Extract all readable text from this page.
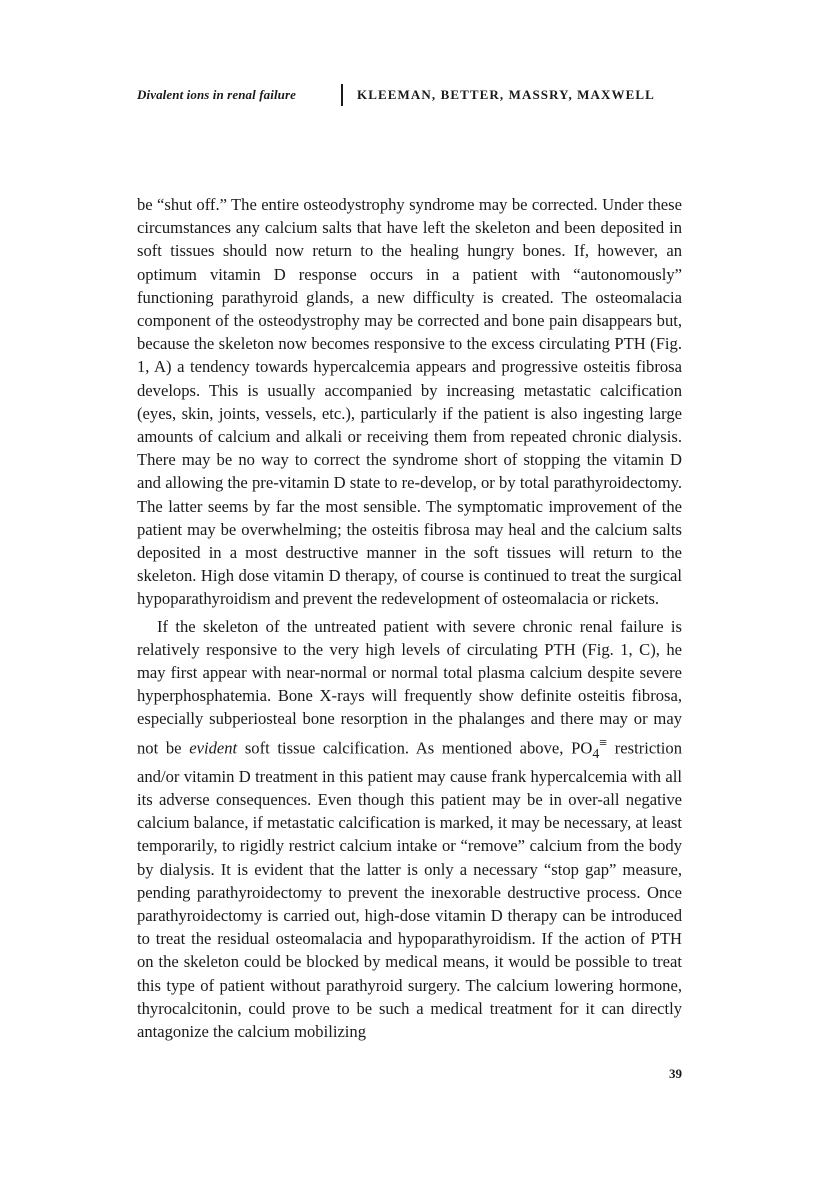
Divalent ions in renal failure	KLEEMAN, BETTER, MASSRY, MAXWELL

be “shut off.” The entire osteodystrophy syndrome may be corrected. Under these circumstances any calcium salts that have left the skeleton and been deposited in soft tissues should now return to the healing hungry bones. If, however, an optimum vitamin D response occurs in a patient with “autonomously” functioning parathyroid glands, a new difficulty is created. The osteomalacia component of the osteodystrophy may be corrected and bone pain disappears but, because the skeleton now becomes responsive to the excess circulating PTH (Fig. 1, A) a tendency towards hypercalcemia appears and progressive osteitis fibrosa develops. This is usually accompanied by increasing metastatic calcification (eyes, skin, joints, vessels, etc.), particularly if the patient is also ingesting large amounts of calcium and alkali or receiving them from repeated chronic dialysis. There may be no way to correct the syndrome short of stopping the vitamin D and allowing the pre-vitamin D state to re-develop, or by total parathyroidectomy. The latter seems by far the most sensible. The symptomatic improvement of the patient may be overwhelming; the osteitis fibrosa may heal and the calcium salts deposited in a most destructive manner in the soft tissues will return to the skeleton. High dose vitamin D therapy, of course is continued to treat the surgical hypoparathyroidism and prevent the redevelopment of osteomalacia or rickets.

If the skeleton of the untreated patient with severe chronic renal failure is relatively responsive to the very high levels of circulating PTH (Fig. 1, C), he may first appear with near-normal or normal total plasma calcium despite severe hyperphosphatemia. Bone X-rays will frequently show definite osteitis fibrosa, especially subperiosteal bone resorption in the phalanges and there may or may not be evident soft tissue calcification. As mentioned above, $PO_4^\equiv$ restriction and/or vitamin D treatment in this patient may cause frank hypercalcemia with all its adverse consequences. Even though this patient may be in over-all negative calcium balance, if metastatic calcification is marked, it may be necessary, at least temporarily, to rigidly restrict calcium intake or “remove” calcium from the body by dialysis. It is evident that the latter is only a necessary “stop gap” measure, pending parathyroidectomy to prevent the inexorable destructive process. Once parathyroidectomy is carried out, high-dose vitamin D therapy can be introduced to treat the residual osteomalacia and hypoparathyroidism. If the action of PTH on the skeleton could be blocked by medical means, it would be possible to treat this type of patient without parathyroid surgery. The calcium lowering hormone, thyrocalcitonin, could prove to be such a medical treatment for it can directly antagonize the calcium mobilizing

39
